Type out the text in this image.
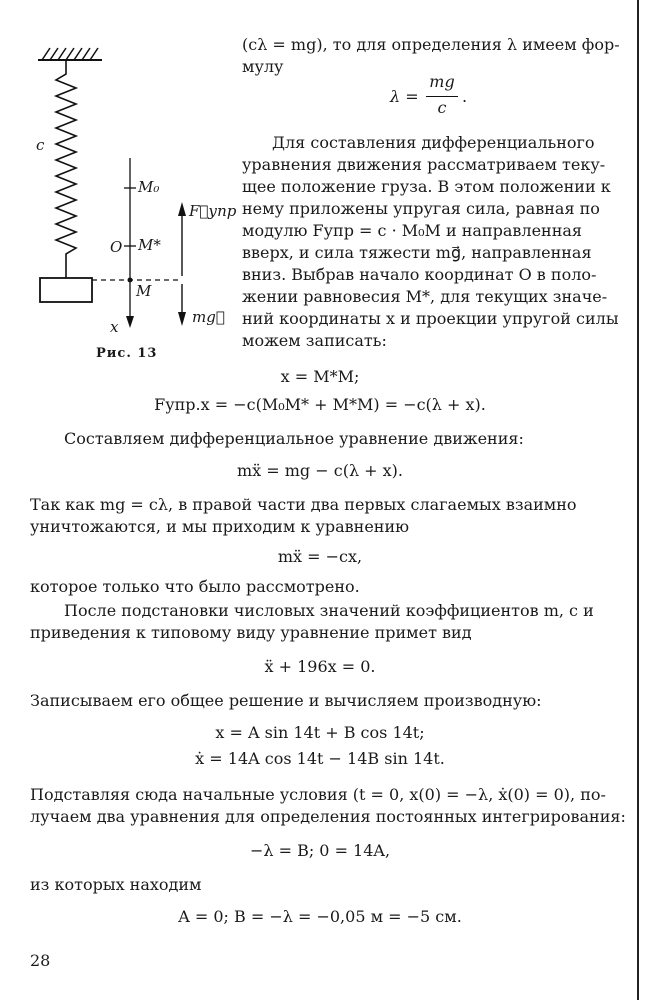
c
M₀
F⃗упр
O M*
M
x
mg⃗
Рис. 13
(cλ = mg), то для определения λ имеем фор-
мулу
λ =
mg
c
.
Для составления дифференциального
уравнения движения рассматриваем теку-
щее положение груза. В этом положении к
нему приложены упругая сила, равная по
модулю Fупр = c · M₀M и направленная
вверх, и сила тяжести mg⃗, направленная
вниз. Выбрав начало координат O в поло-
жении равновесия M*, для текущих значе-
ний координаты x и проекции упругой силы
можем записать:
x = M*M;
Fупр.x = −c(M₀M* + M*M) = −c(λ + x).
Составляем дифференциальное уравнение движения:
mẍ = mg − c(λ + x).
Так как mg = cλ, в правой части два первых слагаемых взаимно
уничтожаются, и мы приходим к уравнению
mẍ = −cx,
которое только что было рассмотрено.
После подстановки числовых значений коэффициентов m, c и
приведения к типовому виду уравнение примет вид
ẍ + 196x = 0.
Записываем его общее решение и вычисляем производную:
x = A sin 14t + B cos 14t;
ẋ = 14A cos 14t − 14B sin 14t.
Подставляя сюда начальные условия (t = 0, x(0) = −λ, ẋ(0) = 0), по-
лучаем два уравнения для определения постоянных интегрирования:
−λ = B; 0 = 14A,
из которых находим
A = 0; B = −λ = −0,05 м = −5 см.
28
